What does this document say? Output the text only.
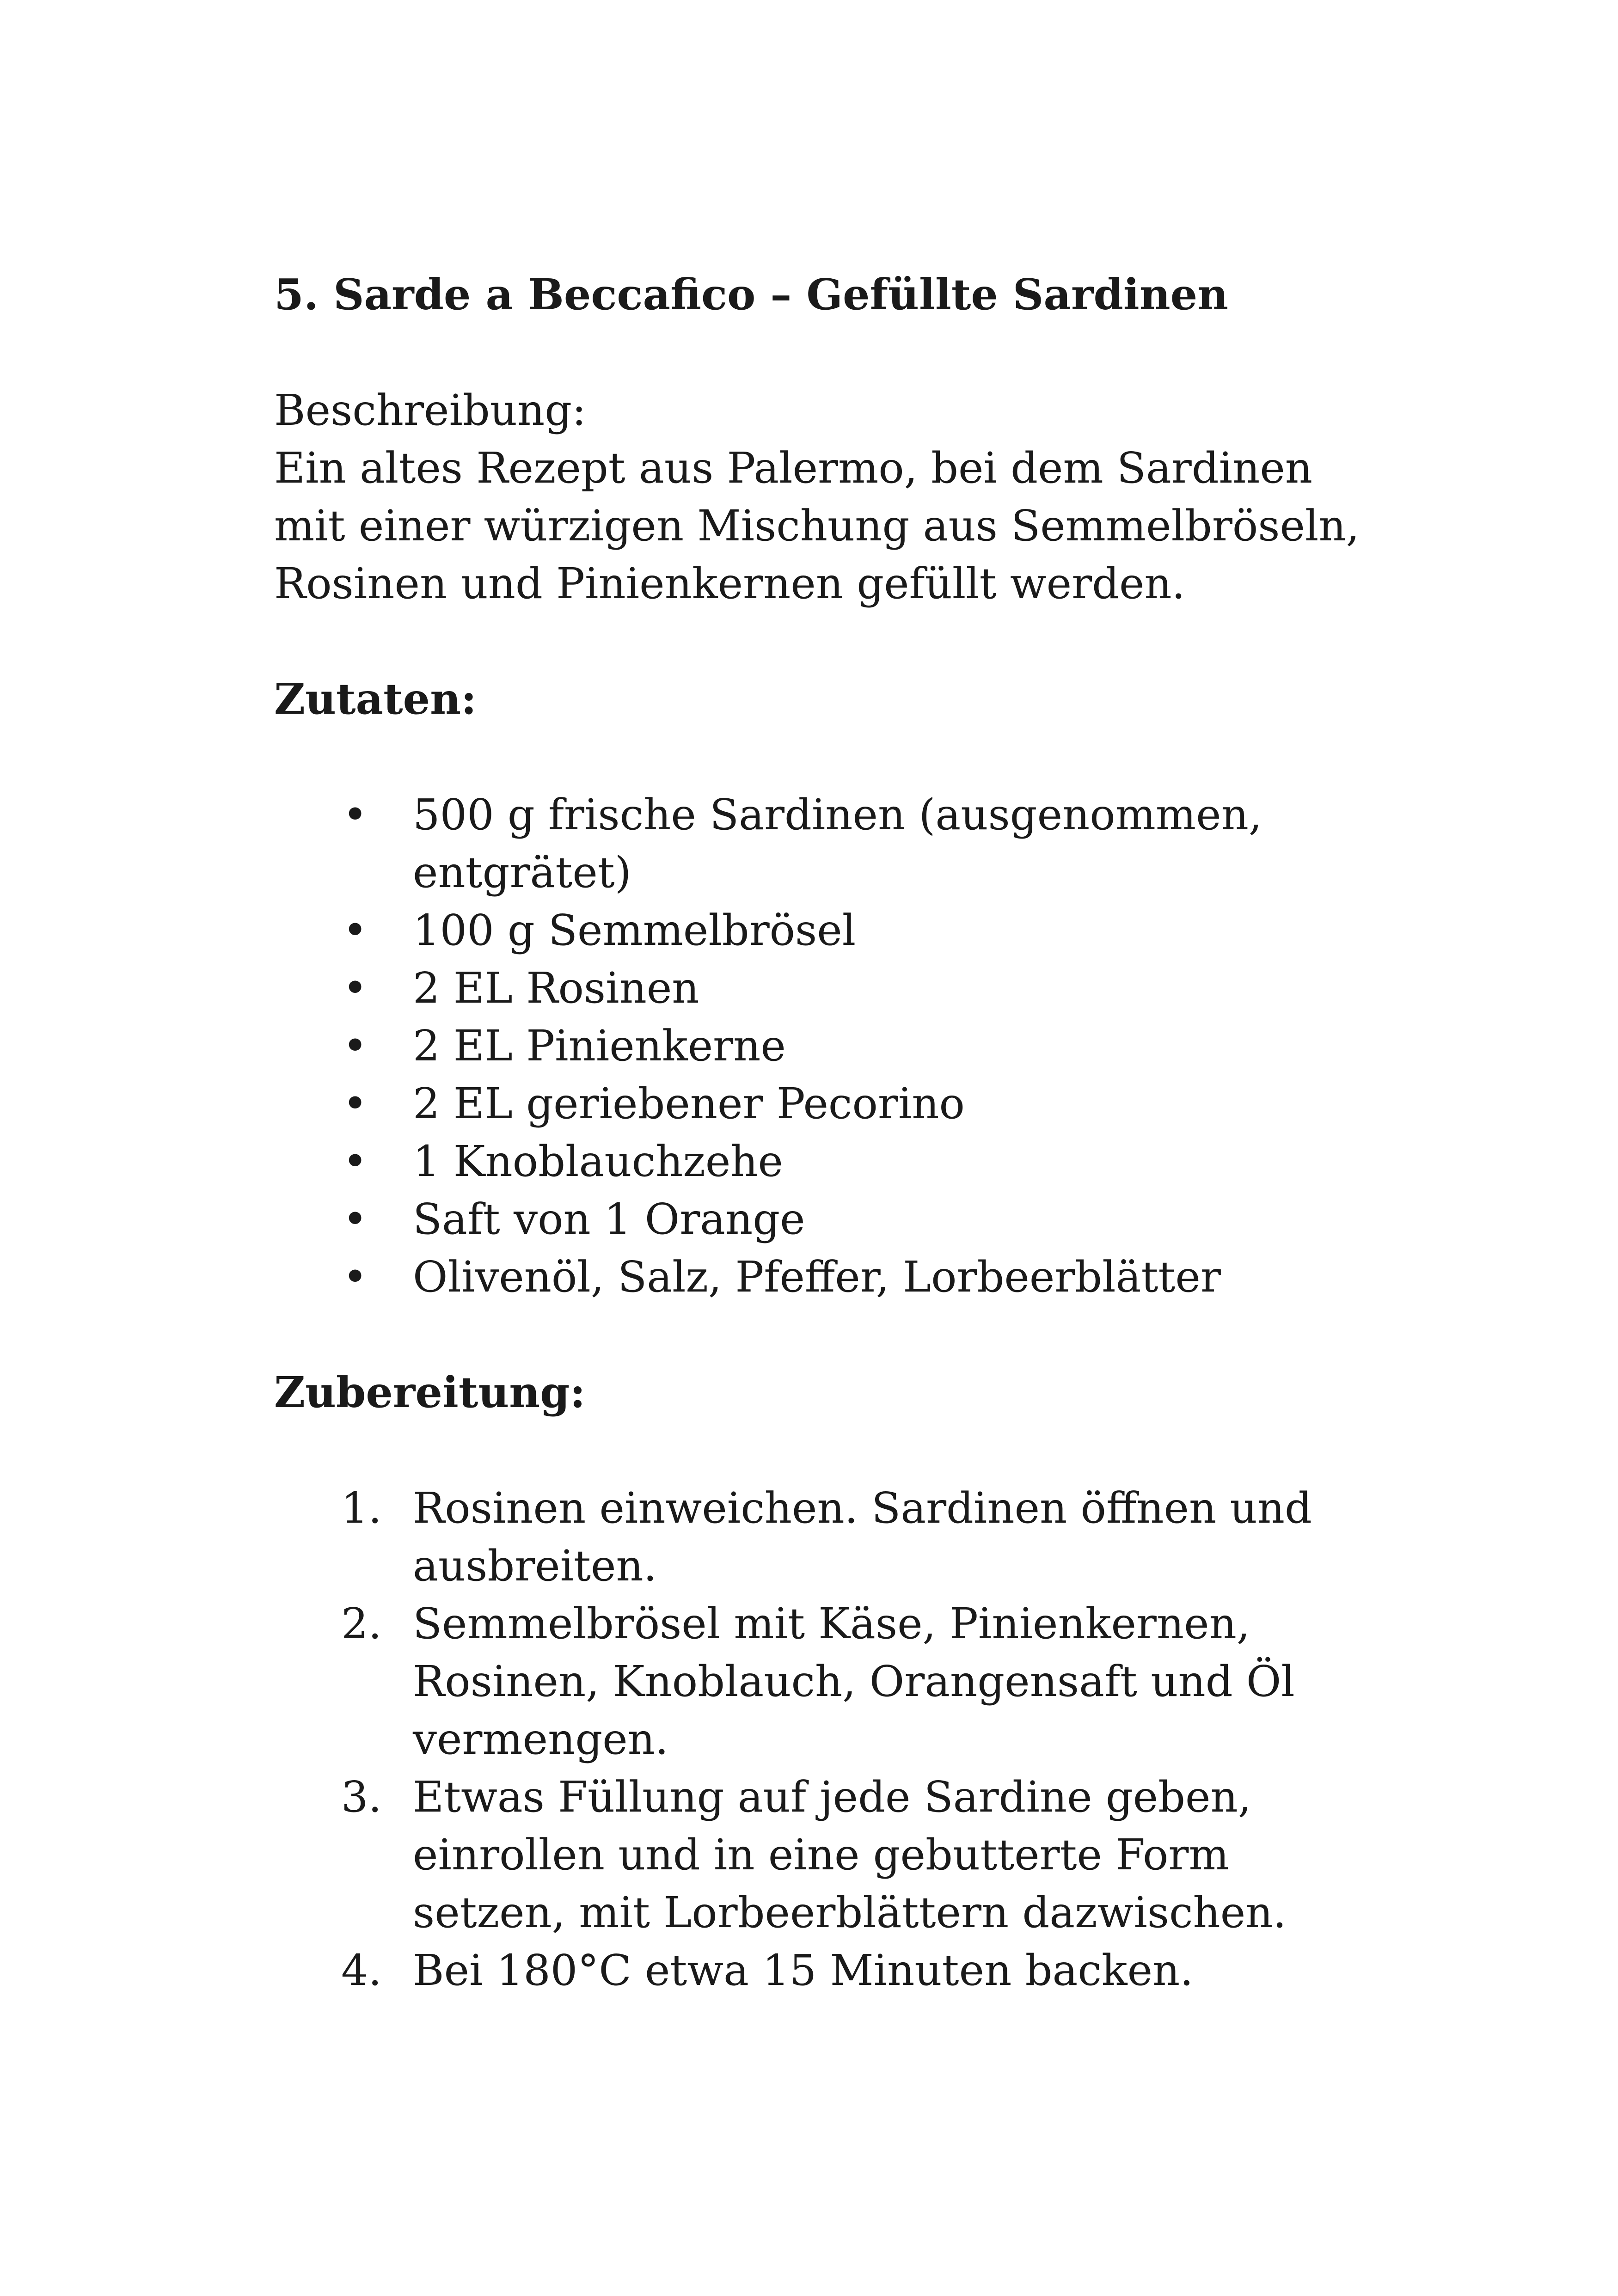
5. Sarde a Beccafico – Gefüllte Sardinen

Beschreibung:

Ein altes Rezept aus Palermo, bei dem Sardinen mit einer würzigen Mischung aus Semmelbröseln, Rosinen und Pinienkernen gefüllt werden.

Zutaten:
• 500 g frische Sardinen (ausgenommen, entgrätet)
• 100 g Semmelbrösel
• 2 EL Rosinen
• 2 EL Pinienkerne
• 2 EL geriebener Pecorino
• 1 Knoblauchzehe
• Saft von 1 Orange
• Olivenöl, Salz, Pfeffer, Lorbeerblätter
Zubereitung:
1. Rosinen einweichen. Sardinen öffnen und ausbreiten.
2. Semmelbrösel mit Käse, Pinienkernen, Rosinen, Knoblauch, Orangensaft und Öl vermengen.
3. Etwas Füllung auf jede Sardine geben, einrollen und in eine gebutterte Form setzen, mit Lorbeerblättern dazwischen.
4. Bei 180°C etwa 15 Minuten backen.
